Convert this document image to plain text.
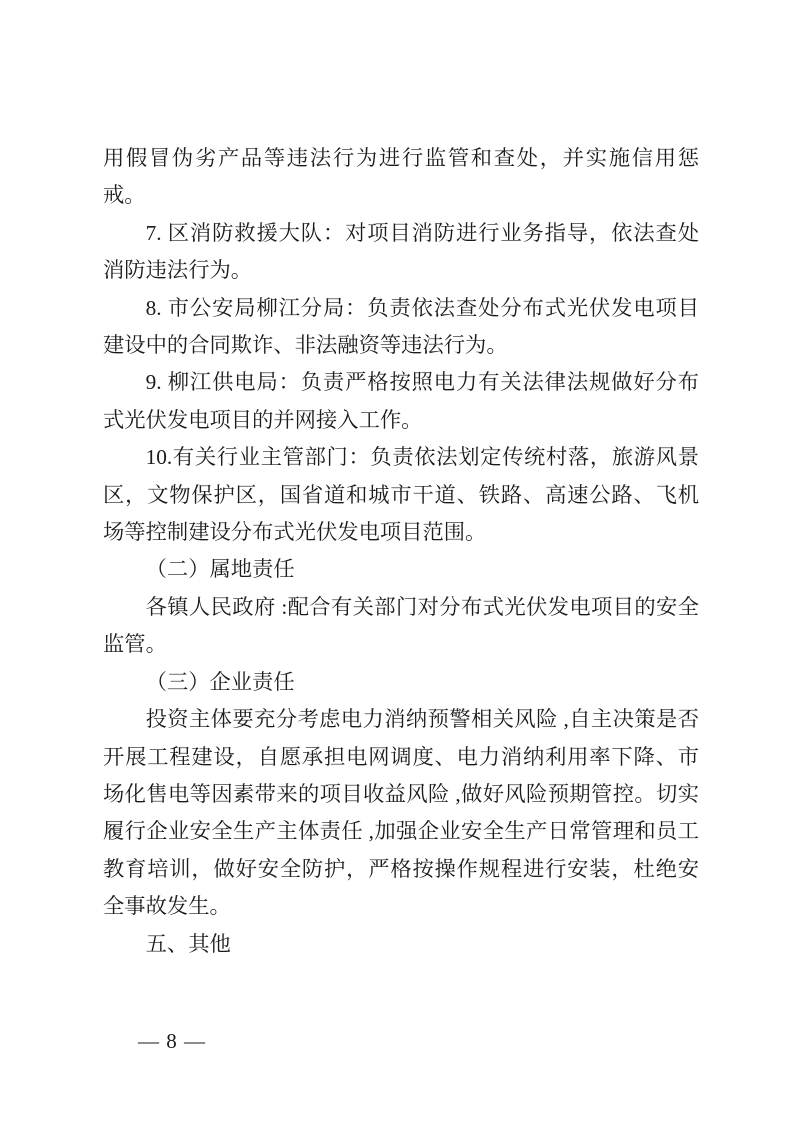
用假冒伪劣产品等违法行为进行监管和查处，并实施信用惩戒。

7. 区消防救援大队：对项目消防进行业务指导，依法查处消防违法行为。

8. 市公安局柳江分局：负责依法查处分布式光伏发电项目建设中的合同欺诈、非法融资等违法行为。

9. 柳江供电局：负责严格按照电力有关法律法规做好分布式光伏发电项目的并网接入工作。

10.有关行业主管部门：负责依法划定传统村落，旅游风景区，文物保护区，国省道和城市干道、铁路、高速公路、飞机场等控制建设分布式光伏发电项目范围。

（二）属地责任

各镇人民政府 :配合有关部门对分布式光伏发电项目的安全监管。

（三）企业责任

投资主体要充分考虑电力消纳预警相关风险 ,自主决策是否开展工程建设，自愿承担电网调度、电力消纳利用率下降、市场化售电等因素带来的项目收益风险 ,做好风险预期管控。切实履行企业安全生产主体责任 ,加强企业安全生产日常管理和员工教育培训，做好安全防护，严格按操作规程进行安装，杜绝安全事故发生。

五、其他

— 8 —
